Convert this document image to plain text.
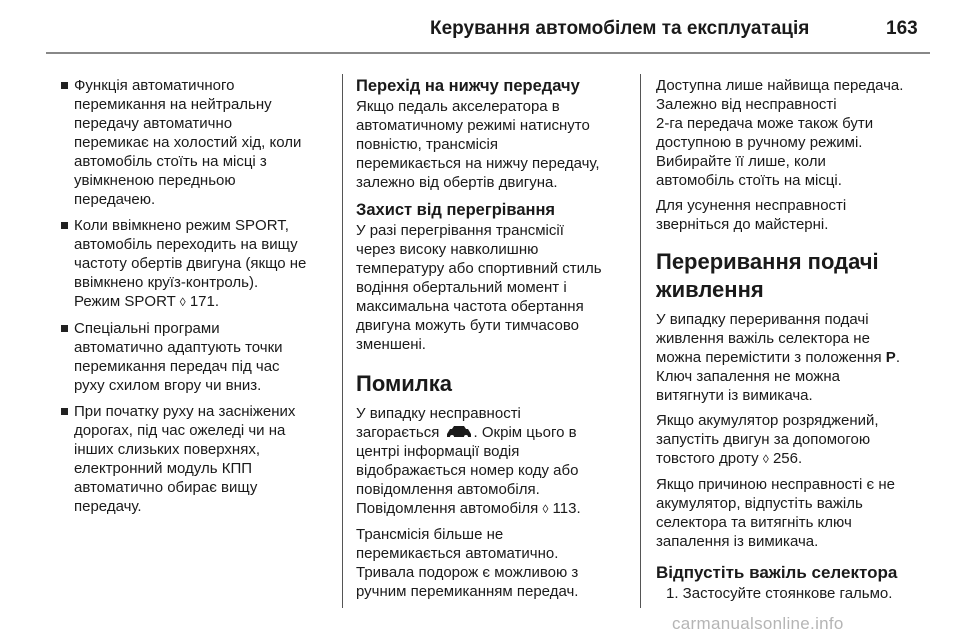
Керування автомобілем та експлуатація	163
Функція автоматичного
перемикання на нейтральну
передачу автоматично
перемикає на холостий хід, коли
автомобіль стоїть на місці з
увімкненою передньою
передачею.
Коли ввімкнено режим SPORT,
автомобіль переходить на вищу
частоту обертів двигуна (якщо не
ввімкнено круїз-контроль).
Режим SPORT ◊ 171.
Спеціальні програми
автоматично адаптують точки
перемикання передач під час
руху схилом вгору чи вниз.
При початку руху на засніжених
дорогах, під час ожеледі чи на
інших слизьких поверхнях,
електронний модуль КПП
автоматично обирає вищу
передачу.
Перехід на нижчу передачу

Якщо педаль акселератора в
автоматичному режимі натиснуто
повністю, трансмісія
перемикається на нижчу передачу,
залежно від обертів двигуна.

Захист від перегрівання

У разі перегрівання трансмісії
через високу навколишню
температуру або спортивний стиль
водіння обертальний момент і
максимальна частота обертання
двигуна можуть бути тимчасово
зменшені.

Помилка

У випадку несправності
загорається . Окрім цього в
центрі інформації водія
відображається номер коду або
повідомлення автомобіля.
Повідомлення автомобіля ◊ 113.

Трансмісія більше не
перемикається автоматично.
Тривала подорож є можливою з
ручним перемиканням передач.

Доступна лише найвища передача.
Залежно від несправності
2-га передача може також бути
доступною в ручному режимі.
Вибирайте її лише, коли
автомобіль стоїть на місці.

Для усунення несправності
зверніться до майстерні.

Переривання подачі
живлення

У випадку переривання подачі
живлення важіль селектора не
можна перемістити з положення P.
Ключ запалення не можна
витягнути із вимикача.

Якщо акумулятор розряджений,
запустіть двигун за допомогою
товстого дроту ◊ 256.

Якщо причиною несправності є не
акумулятор, відпустіть важіль
селектора та витягніть ключ
запалення із вимикача.

Відпустіть важіль селектора

1. Застосуйте стоянкове гальмо.

carmanualsonline.info
